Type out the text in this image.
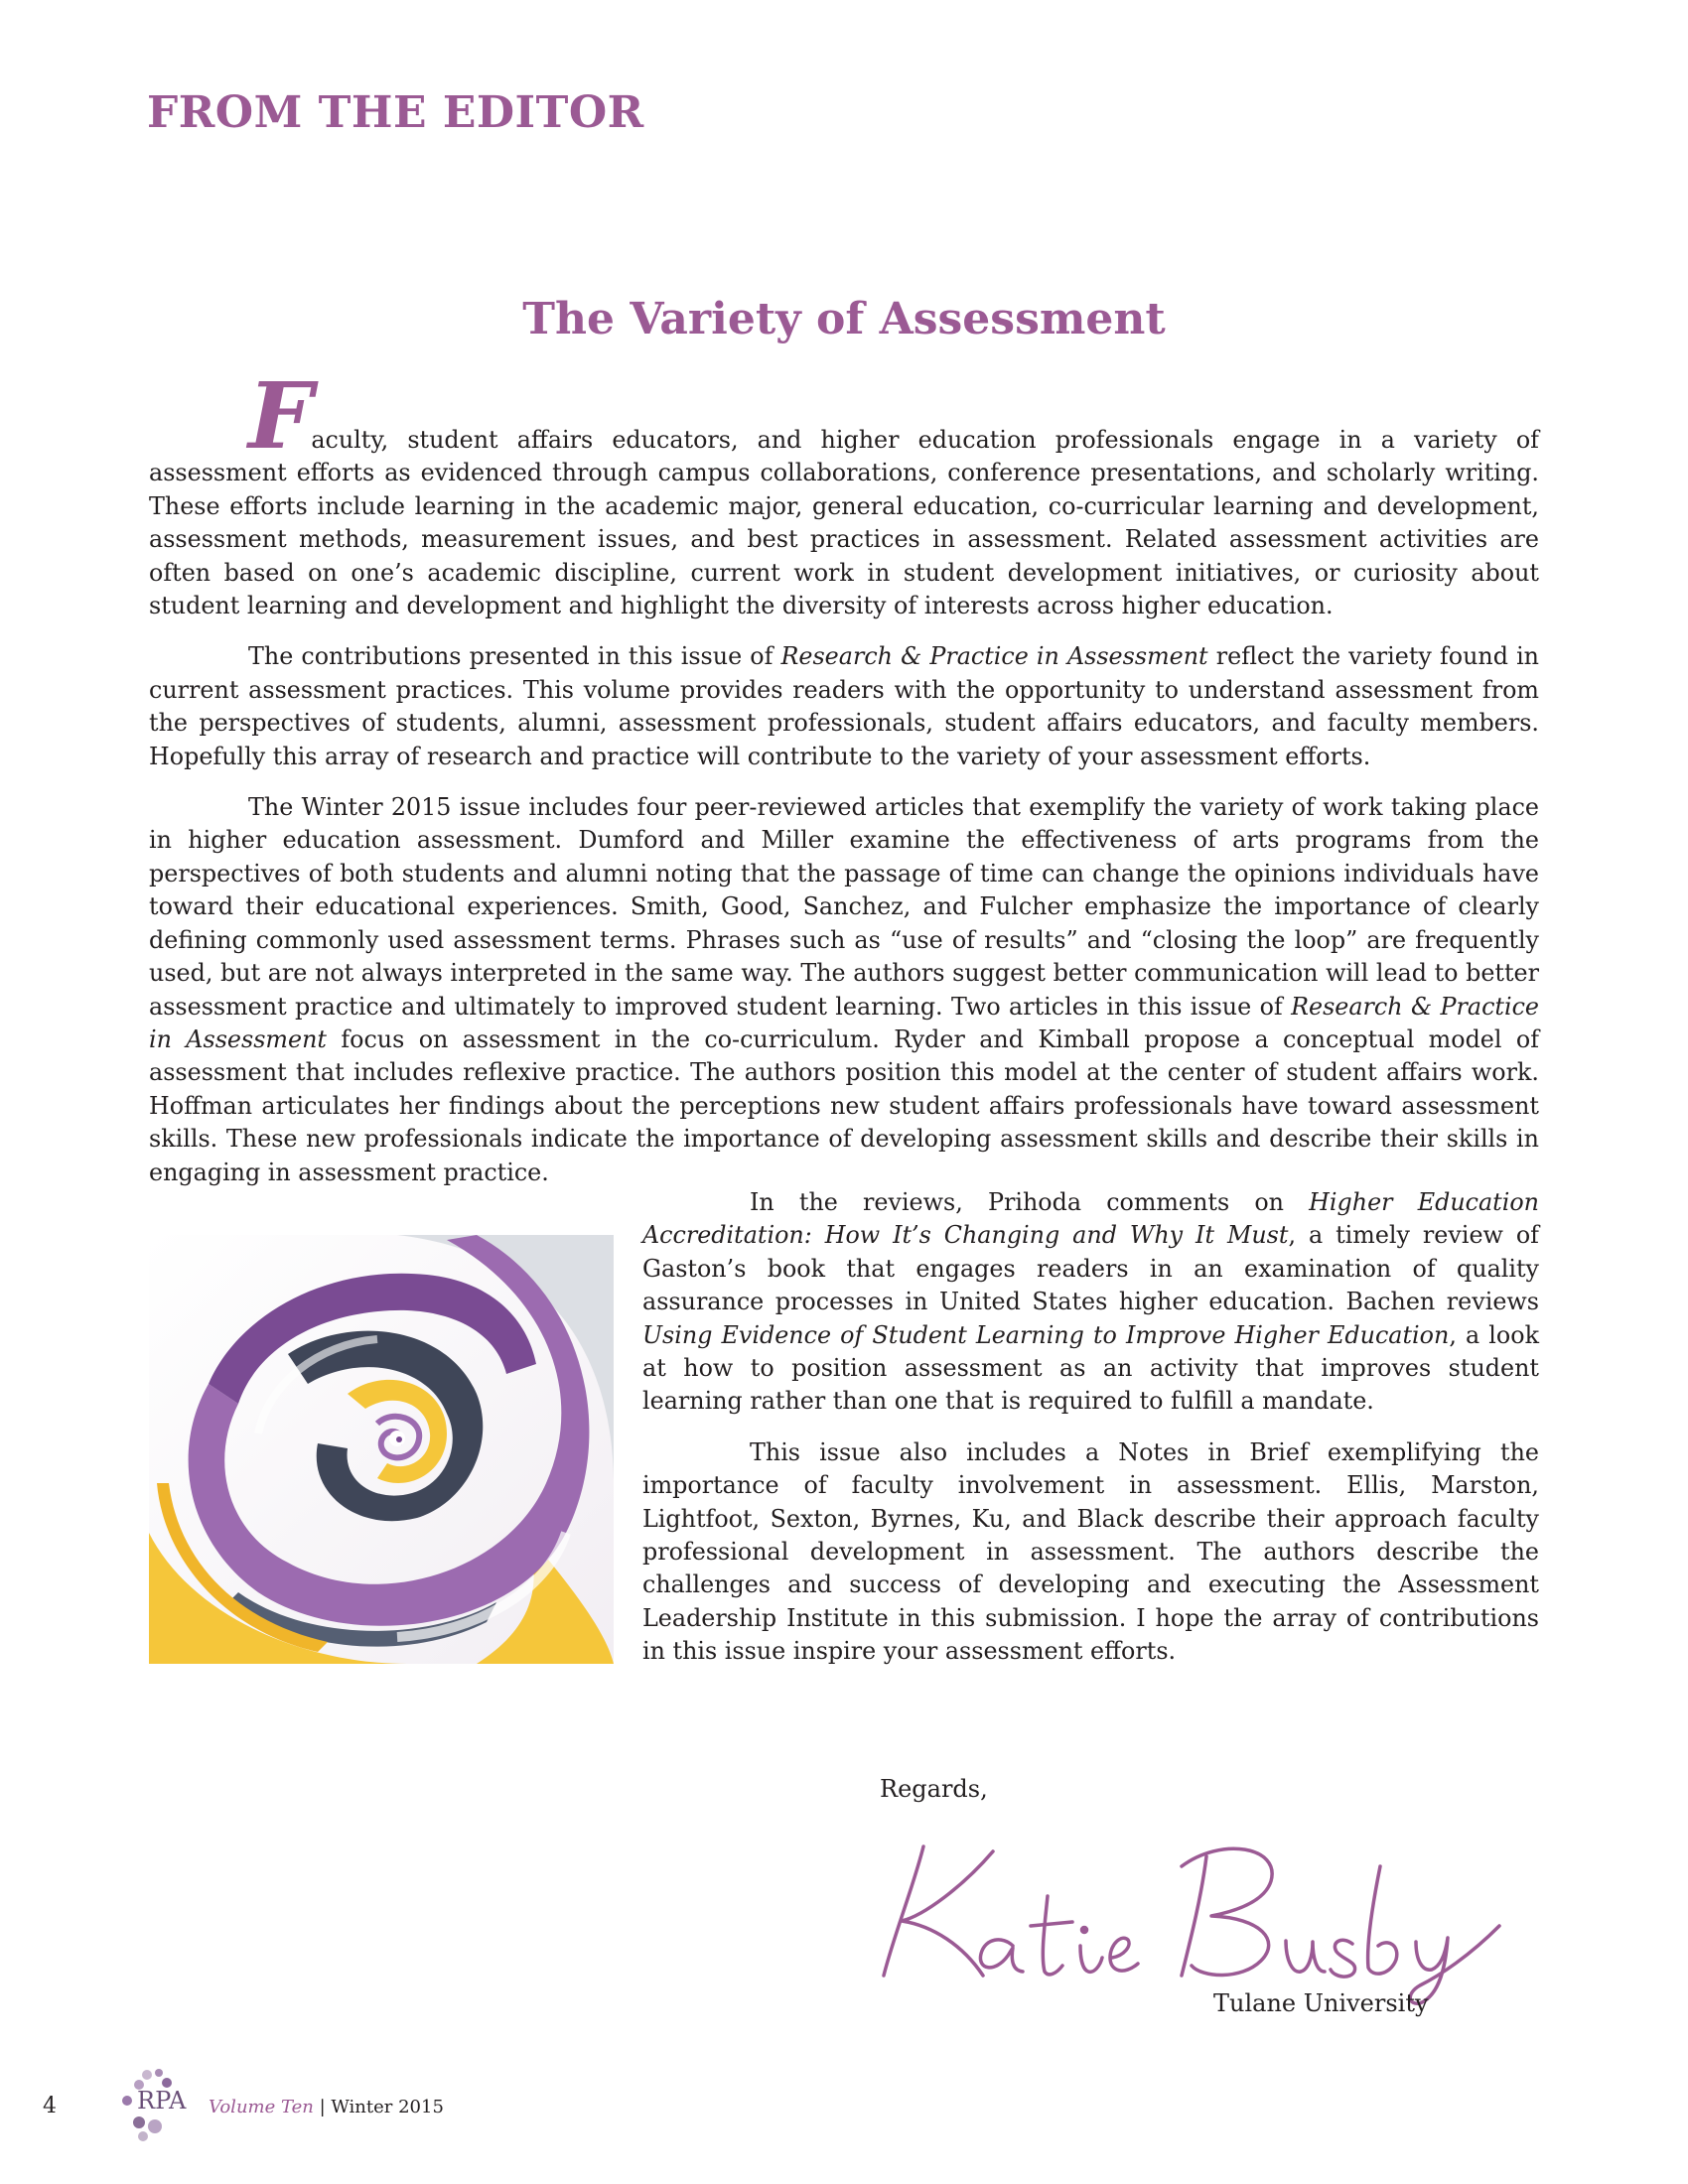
FROM THE EDITOR
The Variety of Assessment

Faculty, student affairs educators, and higher education professionals engage in a variety of assessment efforts as evidenced through campus collaborations, conference presentations, and scholarly writing. These efforts include learning in the academic major, general education, co-curricular learning and development, assessment methods, measurement issues, and best practices in assessment. Related assessment activities are often based on one’s academic discipline, current work in student development initiatives, or curiosity about student learning and development and highlight the diversity of interests across higher education.

The contributions presented in this issue of Research & Practice in Assessment reflect the variety found in current assessment practices. This volume provides readers with the opportunity to understand assessment from the perspectives of students, alumni, assessment professionals, student affairs educators, and faculty members. Hopefully this array of research and practice will contribute to the variety of your assessment efforts.

The Winter 2015 issue includes four peer-reviewed articles that exemplify the variety of work taking place in higher education assessment. Dumford and Miller examine the effectiveness of arts programs from the perspectives of both students and alumni noting that the passage of time can change the opinions individuals have toward their educational experiences. Smith, Good, Sanchez, and Fulcher emphasize the importance of clearly defining commonly used assessment terms. Phrases such as “use of results” and “closing the loop” are frequently used, but are not always interpreted in the same way. The authors suggest better communication will lead to better assessment practice and ultimately to improved student learning. Two articles in this issue of Research & Practice in Assessment focus on assessment in the co-curriculum. Ryder and Kimball propose a conceptual model of assessment that includes reflexive practice. The authors position this model at the center of student affairs work. Hoffman articulates her findings about the perceptions new student affairs professionals have toward assessment skills. These new professionals indicate the importance of developing assessment skills and describe their skills in engaging in assessment practice.

In the reviews, Prihoda comments on Higher Education Accreditation: How It’s Changing and Why It Must, a timely review of Gaston’s book that engages readers in an examination of quality assurance processes in United States higher education. Bachen reviews Using Evidence of Student Learning to Improve Higher Education, a look at how to position assessment as an activity that improves student learning rather than one that is required to fulfill a mandate.

This issue also includes a Notes in Brief exemplifying the importance of faculty involvement in assessment. Ellis, Marston, Lightfoot, Sexton, Byrnes, Ku, and Black describe their approach faculty professional development in assessment. The authors describe the challenges and success of developing and executing the Assessment Leadership Institute in this submission. I hope the array of contributions in this issue inspire your assessment efforts.

Regards,
Katie Busby
Tulane University
4	RPA Volume Ten | Winter 2015
